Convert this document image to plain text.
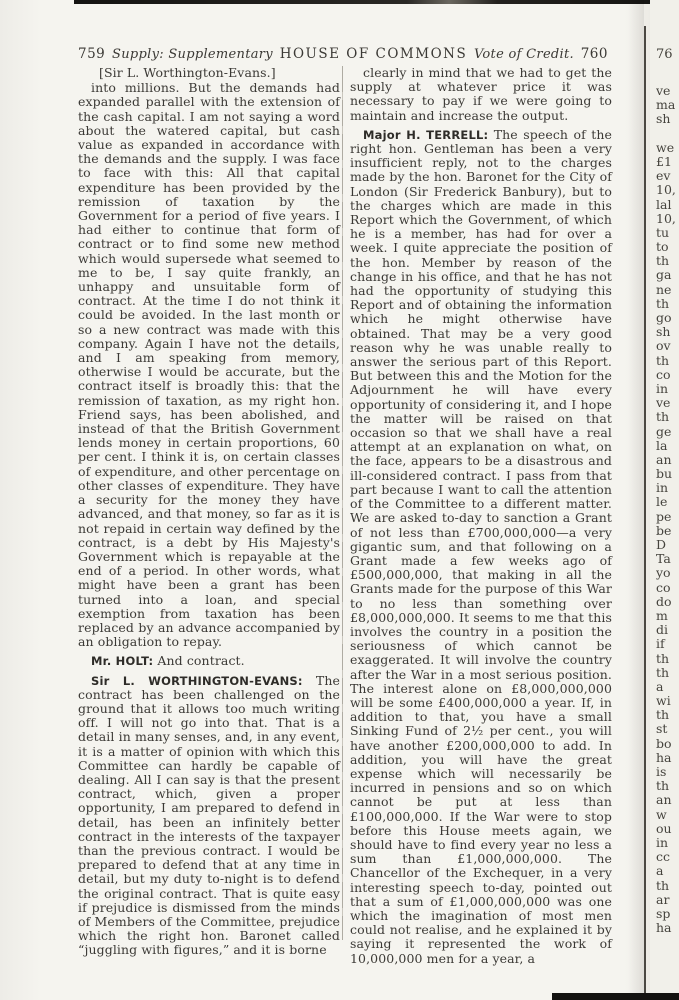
759 Supply: Supplementary HOUSE OF COMMONS Vote of Credit. 760

[Sir L. Worthington-Evans.]

into millions. But the demands had expanded parallel with the extension of the cash capital. I am not saying a word about the watered capital, but cash value as expanded in accordance with the demands and the supply. I was face to face with this: All that capital expenditure has been provided by the remission of taxation by the Government for a period of five years. I had either to continue that form of contract or to find some new method which would supersede what seemed to me to be, I say quite frankly, an unhappy and unsuitable form of contract. At the time I do not think it could be avoided. In the last month or so a new contract was made with this company. Again I have not the details, and I am speaking from memory, otherwise I would be accurate, but the contract itself is broadly this: that the remission of taxation, as my right hon. Friend says, has been abolished, and instead of that the British Government lends money in certain proportions, 60 per cent. I think it is, on certain classes of expenditure, and other percentage on other classes of expenditure. They have a security for the money they have advanced, and that money, so far as it is not repaid in certain way defined by the contract, is a debt by His Majesty's Government which is repayable at the end of a period. In other words, what might have been a grant has been turned into a loan, and special exemption from taxation has been replaced by an advance accompanied by an obligation to repay.

Mr. HOLT: And contract.

Sir L. WORTHINGTON-EVANS: The contract has been challenged on the ground that it allows too much writing off. I will not go into that. That is a detail in many senses, and, in any event, it is a matter of opinion with which this Committee can hardly be capable of dealing. All I can say is that the present contract, which, given a proper opportunity, I am prepared to defend in detail, has been an infinitely better contract in the interests of the taxpayer than the previous contract. I would be prepared to defend that at any time in detail, but my duty to-night is to defend the original contract. That is quite easy if prejudice is dismissed from the minds of Members of the Committee, prejudice which the right hon. Baronet called “juggling with figures,” and it is borne

clearly in mind that we had to get the supply at whatever price it was necessary to pay if we were going to maintain and increase the output.

Major H. TERRELL: The speech of the right hon. Gentleman has been a very insufficient reply, not to the charges made by the hon. Baronet for the City of London (Sir Frederick Banbury), but to the charges which are made in this Report which the Government, of which he is a member, has had for over a week. I quite appreciate the position of the hon. Member by reason of the change in his office, and that he has not had the opportunity of studying this Report and of obtaining the information which he might otherwise have obtained. That may be a very good reason why he was unable really to answer the serious part of this Report. But between this and the Motion for the Adjournment he will have every opportunity of considering it, and I hope the matter will be raised on that occasion so that we shall have a real attempt at an explanation on what, on the face, appears to be a disastrous and ill-considered contract. I pass from that part because I want to call the attention of the Committee to a different matter. We are asked to-day to sanction a Grant of not less than £700,000,000—a very gigantic sum, and that following on a Grant made a few weeks ago of £500,000,000, that making in all the Grants made for the purpose of this War to no less than something over £8,000,000,000. It seems to me that this involves the country in a position the seriousness of which cannot be exaggerated. It will involve the country after the War in a most serious position. The interest alone on £8,000,000,000 will be some £400,000,000 a year. If, in addition to that, you have a small Sinking Fund of 2½ per cent., you will have another £200,000,000 to add. In addition, you will have the great expense which will necessarily be incurred in pensions and so on which cannot be put at less than £100,000,000. If the War were to stop before this House meets again, we should have to find every year no less a sum than £1,000,000,000. The Chancellor of the Exchequer, in a very interesting speech to-day, pointed out that a sum of £1,000,000,000 was one which the imagination of most men could not realise, and he explained it by saying it represented the work of 10,000,000 men for a year, a

76
ve
ma
sh
we
£1
ev
10,
lal
10,
tu
to
th
ga
ne
th
go
sh
ov
th
co
in
ve
th
ge
la
an
bu
in
le
pe
be
D
Ta
yo
co
do
m
di
if
th
th
a
wi
th
st
bo
ha
is
th
an
w
ou
in
cc
a
th
ar
sp
ha
